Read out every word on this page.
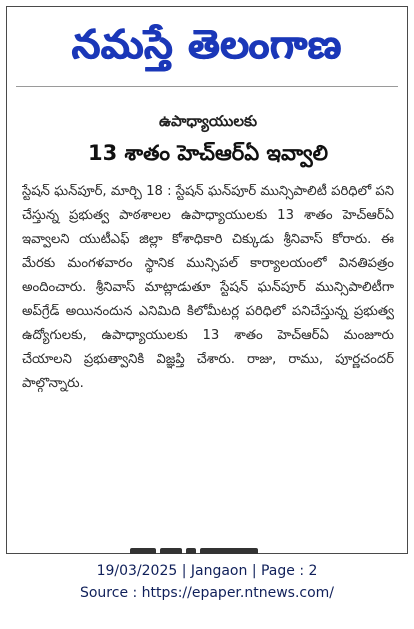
నమస్తే తెలంగాణ
ఉపాధ్యాయులకు
13 శాతం హెచ్‌ఆర్‌ఏ ఇవ్వాలి

స్టేషన్ ఘన్‌పూర్, మార్చి 18 : స్టేషన్ ఘన్‌పూర్ మున్సిపాలిటీ పరిధిలో పని చేస్తున్న ప్రభుత్వ పాఠశాలల ఉపాధ్యాయులకు 13 శాతం హెచ్‌ఆర్‌ఏ ఇవ్వాలని యుటీఎఫ్ జిల్లా కోశాధికారి చిక్కుడు శ్రీనివాస్ కోరారు. ఈ మేరకు మంగళవారం స్థానిక మున్సిపల్ కార్యాలయంలో వినతిపత్రం అందించారు. శ్రీనివాస్ మాట్లాడుతూ స్టేషన్ ఘన్‌పూర్ మున్సిపాలిటీగా అప్‌గ్రేడ్ అయినందున ఎనిమిది కిలోమీటర్ల పరిధిలో పనిచేస్తున్న ప్రభుత్వ ఉద్యోగులకు, ఉపాధ్యాయులకు 13 శాతం హెచ్‌ఆర్‌ఏ మంజూరు చేయాలని ప్రభుత్వానికి విజ్ఞప్తి చేశారు. రాజు, రాము, పూర్ణచందర్ పాల్గొన్నారు.

19/03/2025 | Jangaon | Page : 2
Source : https://epaper.ntnews.com/
